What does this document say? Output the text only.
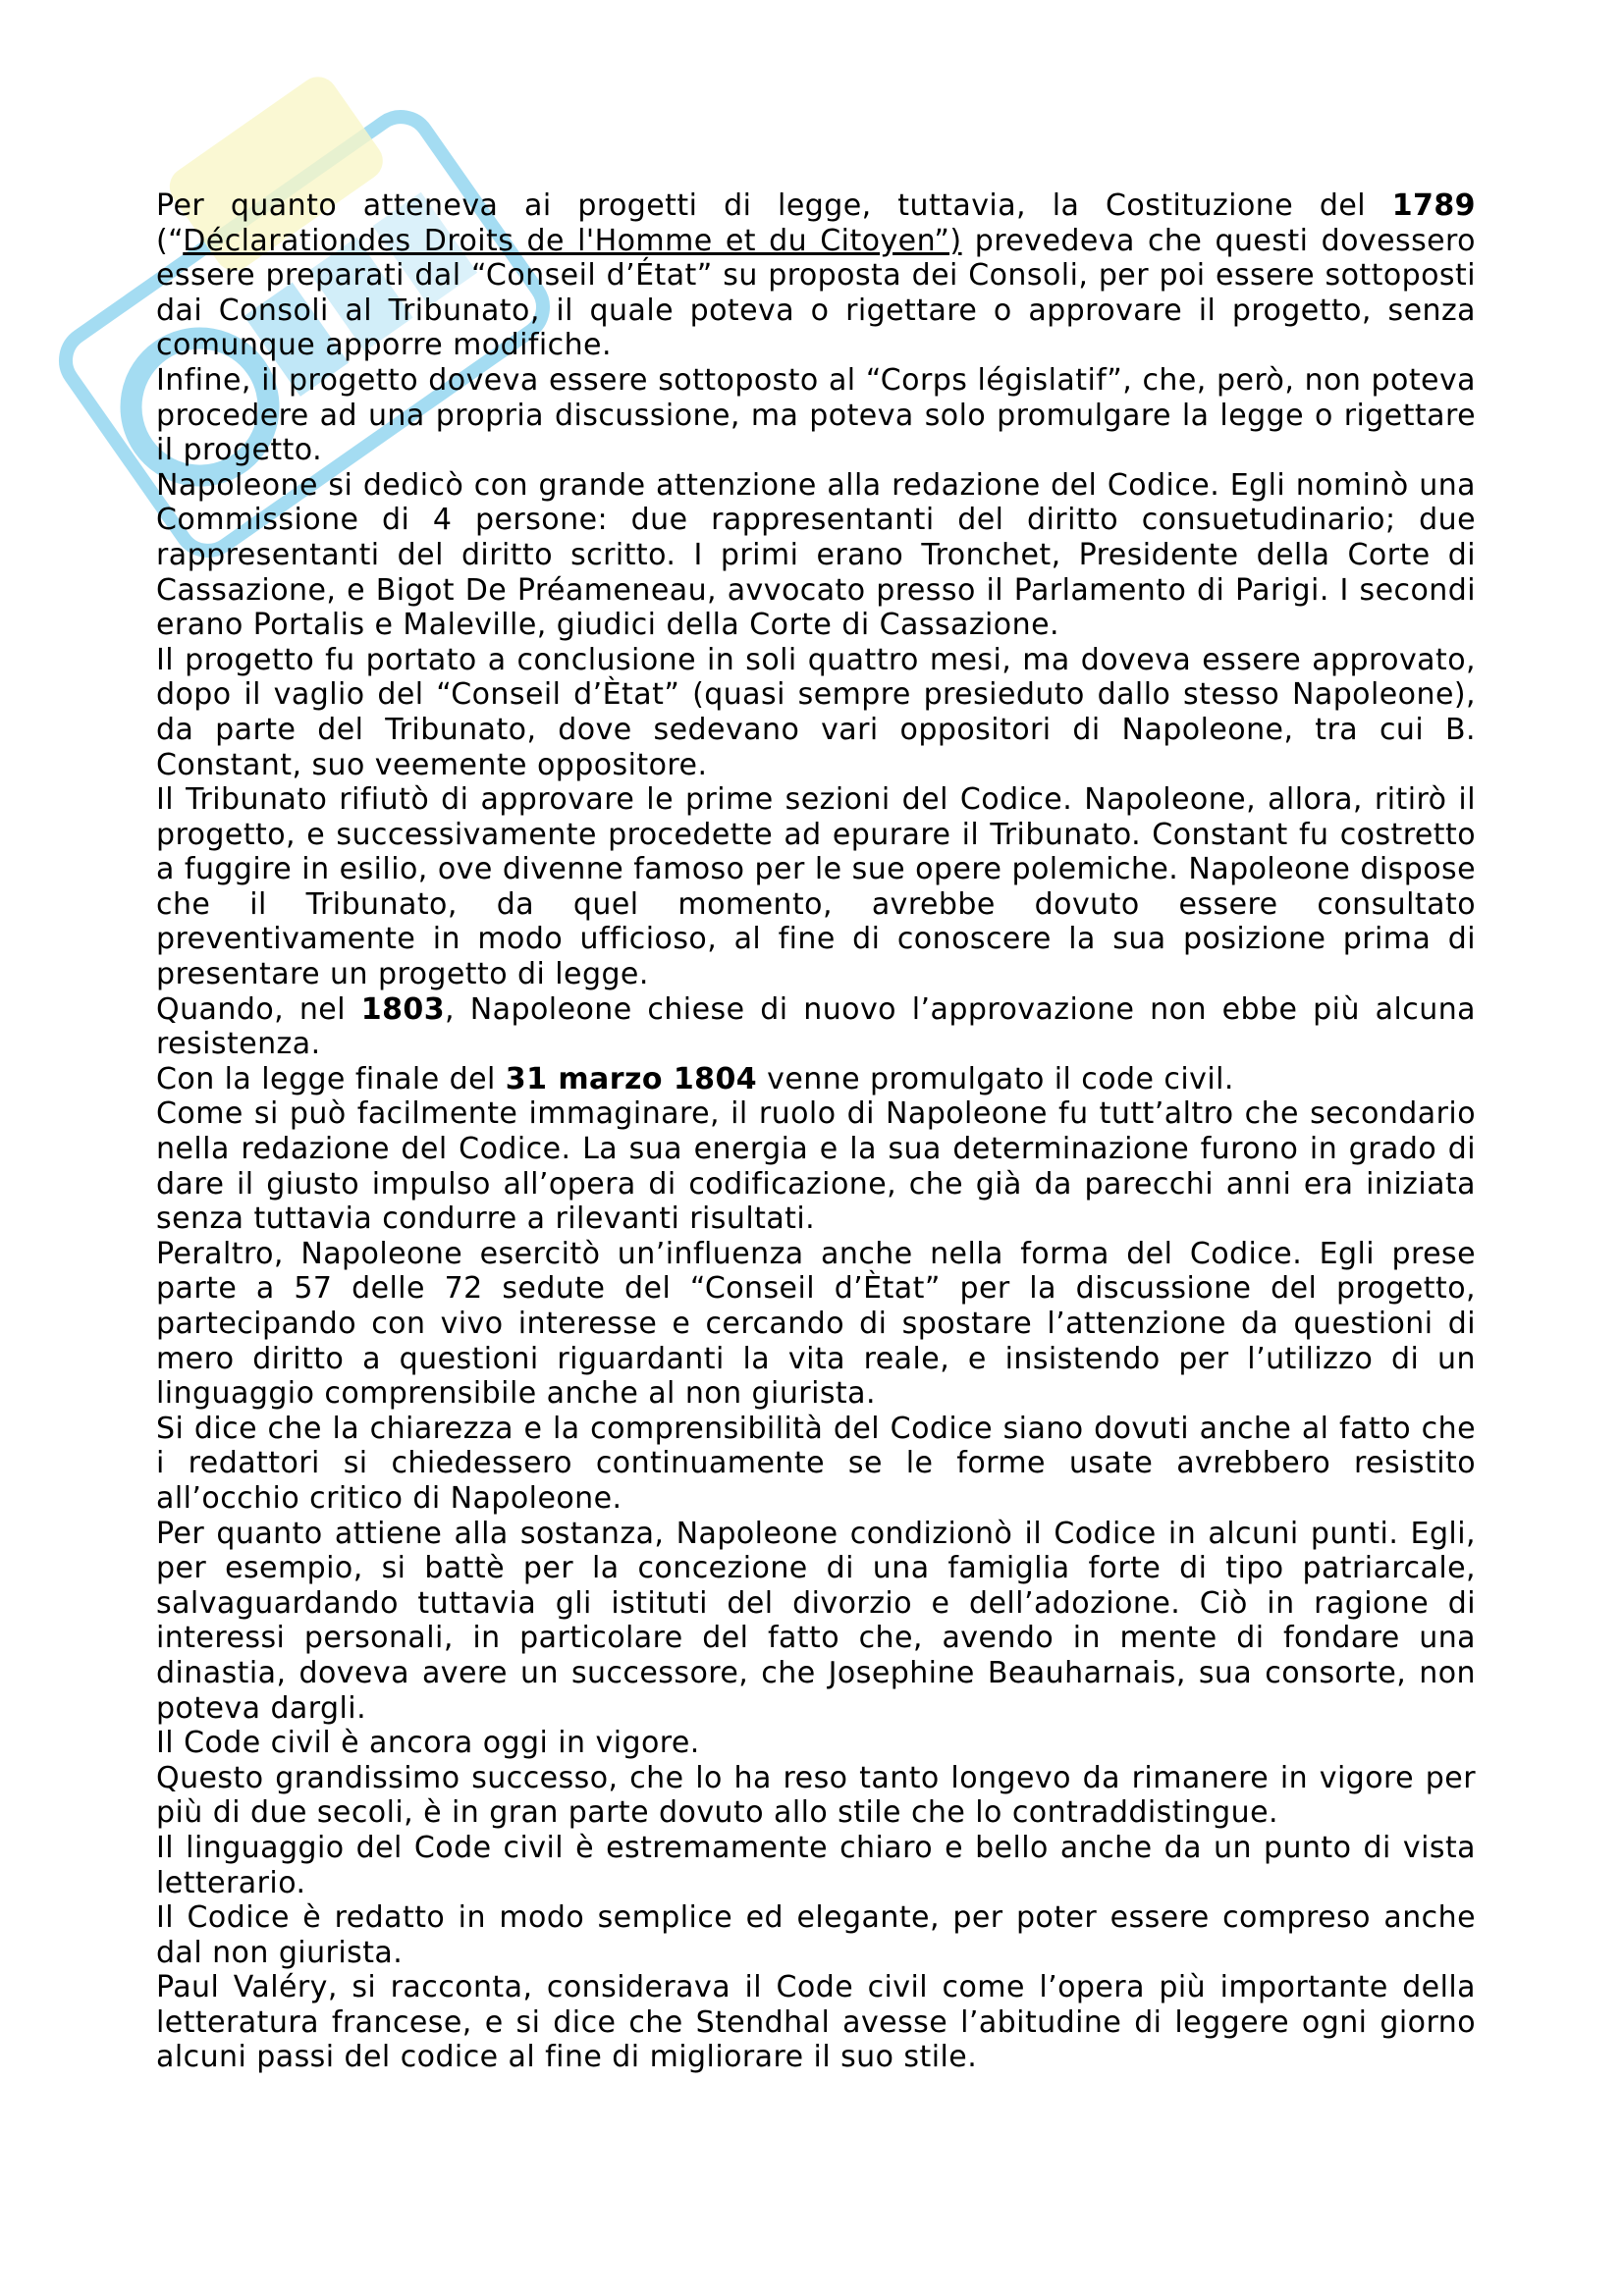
Per quanto atteneva ai progetti di legge, tuttavia, la Costituzione del 1789 (“Déclarationdes Droits de l'Homme et du Citoyen”) prevedeva che questi dovessero essere preparati dal “Conseil d’État” su proposta dei Consoli, per poi essere sottoposti dai Consoli al Tribunato, il quale poteva o rigettare o approvare il progetto, senza comunque apporre modifiche.

Infine, il progetto doveva essere sottoposto al “Corps législatif”, che, però, non poteva procedere ad una propria discussione, ma poteva solo promulgare la legge o rigettare il progetto.

Napoleone si dedicò con grande attenzione alla redazione del Codice. Egli nominò una Commissione di 4 persone: due rappresentanti del diritto consuetudinario; due rappresentanti del diritto scritto. I primi erano Tronchet, Presidente della Corte di Cassazione, e Bigot De Préameneau, avvocato presso il Parlamento di Parigi. I secondi erano Portalis e Maleville, giudici della Corte di Cassazione.

Il progetto fu portato a conclusione in soli quattro mesi, ma doveva essere approvato, dopo il vaglio del “Conseil d’Ètat” (quasi sempre presieduto dallo stesso Napoleone), da parte del Tribunato, dove sedevano vari oppositori di Napoleone, tra cui B. Constant, suo veemente oppositore.

Il Tribunato rifiutò di approvare le prime sezioni del Codice. Napoleone, allora, ritirò il progetto, e successivamente procedette ad epurare il Tribunato. Constant fu costretto a fuggire in esilio, ove divenne famoso per le sue opere polemiche. Napoleone dispose che il Tribunato, da quel momento, avrebbe dovuto essere consultato preventivamente in modo ufficioso, al fine di conoscere la sua posizione prima di presentare un progetto di legge.

Quando, nel 1803, Napoleone chiese di nuovo l’approvazione non ebbe più alcuna resistenza.

Con la legge finale del 31 marzo 1804 venne promulgato il code civil.

Come si può facilmente immaginare, il ruolo di Napoleone fu tutt’altro che secondario nella redazione del Codice. La sua energia e la sua determinazione furono in grado di dare il giusto impulso all’opera di codificazione, che già da parecchi anni era iniziata senza tuttavia condurre a rilevanti risultati.

Peraltro, Napoleone esercitò un’influenza anche nella forma del Codice. Egli prese parte a 57 delle 72 sedute del “Conseil d’Ètat” per la discussione del progetto, partecipando con vivo interesse e cercando di spostare l’attenzione da questioni di mero diritto a questioni riguardanti la vita reale, e insistendo per l’utilizzo di un linguaggio comprensibile anche al non giurista.

Si dice che la chiarezza e la comprensibilità del Codice siano dovuti anche al fatto che i redattori si chiedessero continuamente se le forme usate avrebbero resistito all’occhio critico di Napoleone.

Per quanto attiene alla sostanza, Napoleone condizionò il Codice in alcuni punti. Egli, per esempio, si battè per la concezione di una famiglia forte di tipo patriarcale, salvaguardando tuttavia gli istituti del divorzio e dell’adozione. Ciò in ragione di interessi personali, in particolare del fatto che, avendo in mente di fondare una dinastia, doveva avere un successore, che Josephine Beauharnais, sua consorte, non poteva dargli.

Il Code civil è ancora oggi in vigore.

Questo grandissimo successo, che lo ha reso tanto longevo da rimanere in vigore per più di due secoli, è in gran parte dovuto allo stile che lo contraddistingue.

Il linguaggio del Code civil è estremamente chiaro e bello anche da un punto di vista letterario.

Il Codice è redatto in modo semplice ed elegante, per poter essere compreso anche dal non giurista.

Paul Valéry, si racconta, considerava il Code civil come l’opera più importante della letteratura francese, e si dice che Stendhal avesse l’abitudine di leggere ogni giorno alcuni passi del codice al fine di migliorare il suo stile.
